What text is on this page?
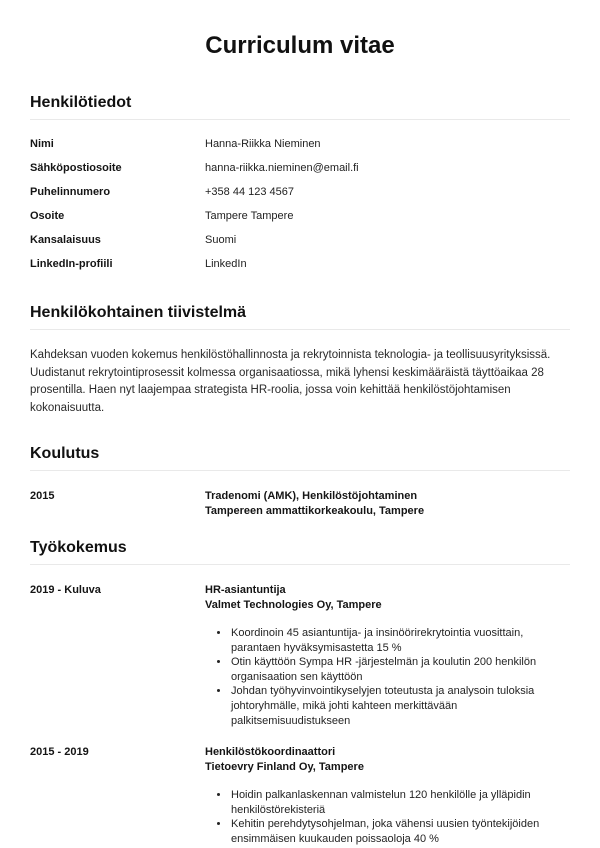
Curriculum vitae
Henkilötiedot
Nimi	Hanna-Riikka Nieminen
Sähköpostiosoite	hanna-riikka.nieminen@email.fi
Puhelinnumero	+358 44 123 4567
Osoite	Tampere Tampere
Kansalaisuus	Suomi
LinkedIn-profiili	LinkedIn
Henkilökohtainen tiivistelmä

Kahdeksan vuoden kokemus henkilöstöhallinnosta ja rekrytoinnista teknologia- ja teollisuusyrityksissä. Uudistanut rekrytointiprosessit kolmessa organisaatiossa, mikä lyhensi keskimääräistä täyttöaikaa 28 prosentilla. Haen nyt laajempaa strategista HR-roolia, jossa voin kehittää henkilöstöjohtamisen kokonaisuutta.

Koulutus
2015	Tradenomi (AMK), Henkilöstöjohtaminen
Tampereen ammattikorkeakoulu, Tampere
Työkokemus
2019 - Kuluva	HR-asiantuntija
Valmet Technologies Oy, Tampere
• Koordinoin 45 asiantuntija- ja insinöörirekrytointia vuosittain, parantaen hyväksymisastetta 15 %
• Otin käyttöön Sympa HR -järjestelmän ja koulutin 200 henkilön organisaation sen käyttöön
• Johdan työhyvinvointikyselyjen toteutusta ja analysoin tuloksia johtoryhmälle, mikä johti kahteen merkittävään palkitsemisuudistukseen
2015 - 2019	Henkilöstökoordinaattori
Tietoevry Finland Oy, Tampere
• Hoidin palkanlaskennan valmistelun 120 henkilölle ja ylläpidin henkilöstörekisteriä
• Kehitin perehdytysohjelman, joka vähensi uusien työntekijöiden ensimmäisen kuukauden poissaoloja 40 %
